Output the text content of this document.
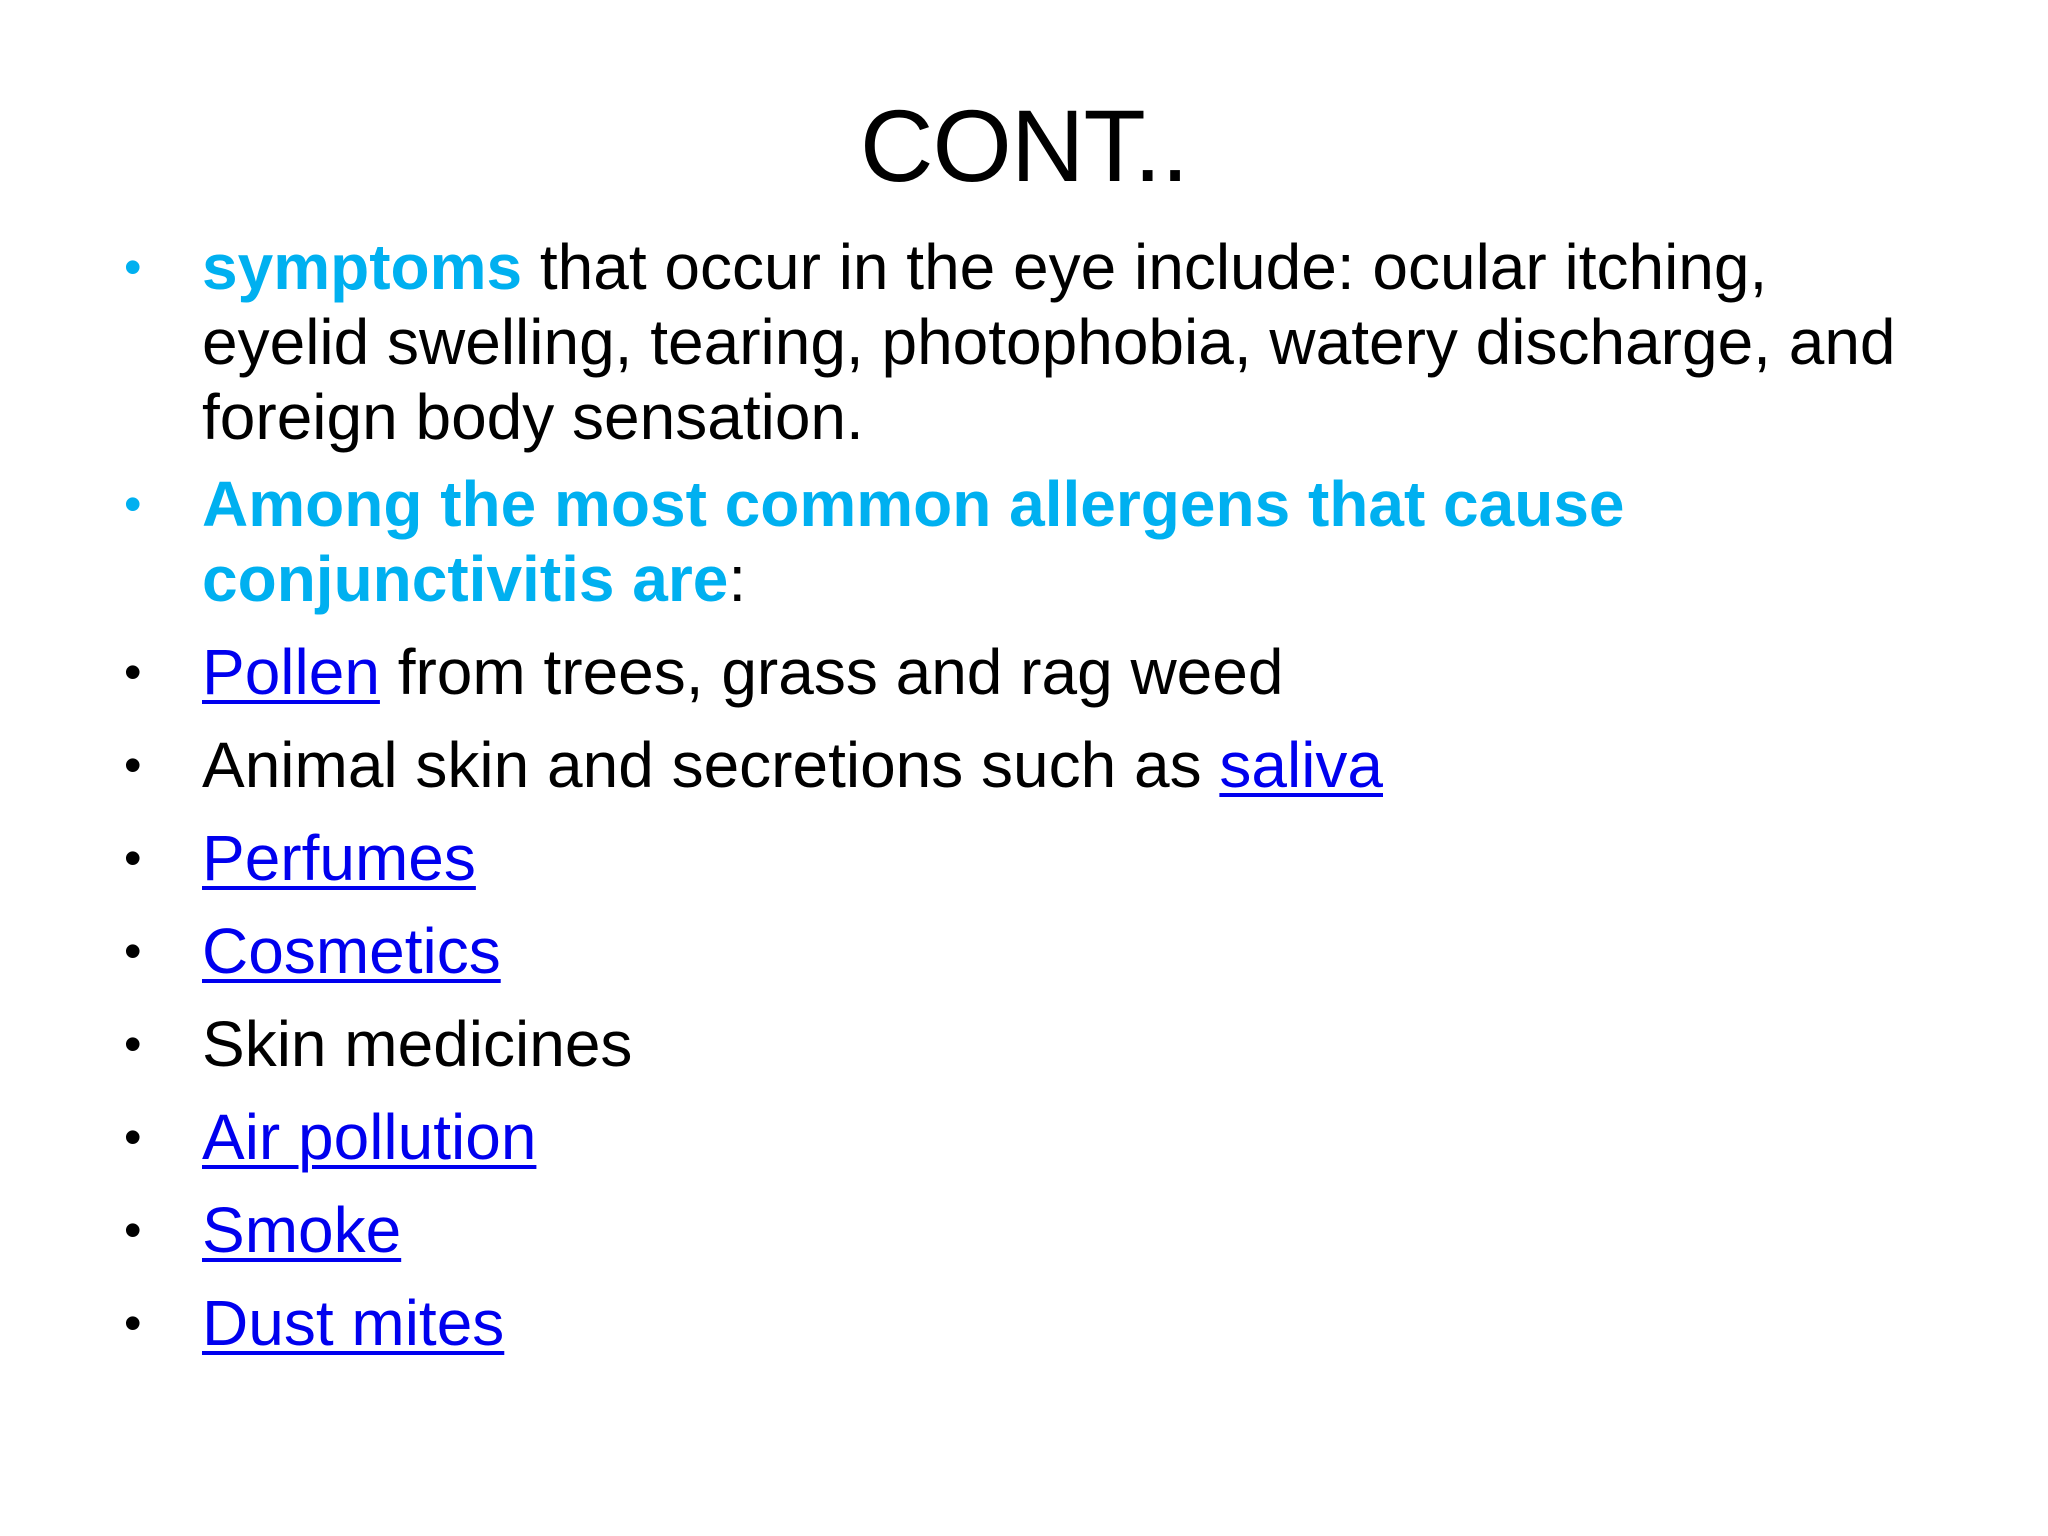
CONT..
• symptoms that occur in the eye include: ocular itching, eyelid swelling, tearing, photophobia, watery discharge, and foreign body sensation.
• Among the most common allergens that cause conjunctivitis are:
• Pollen from trees, grass and rag weed
• Animal skin and secretions such as saliva
• Perfumes
• Cosmetics
• Skin medicines
• Air pollution
• Smoke
• Dust mites
